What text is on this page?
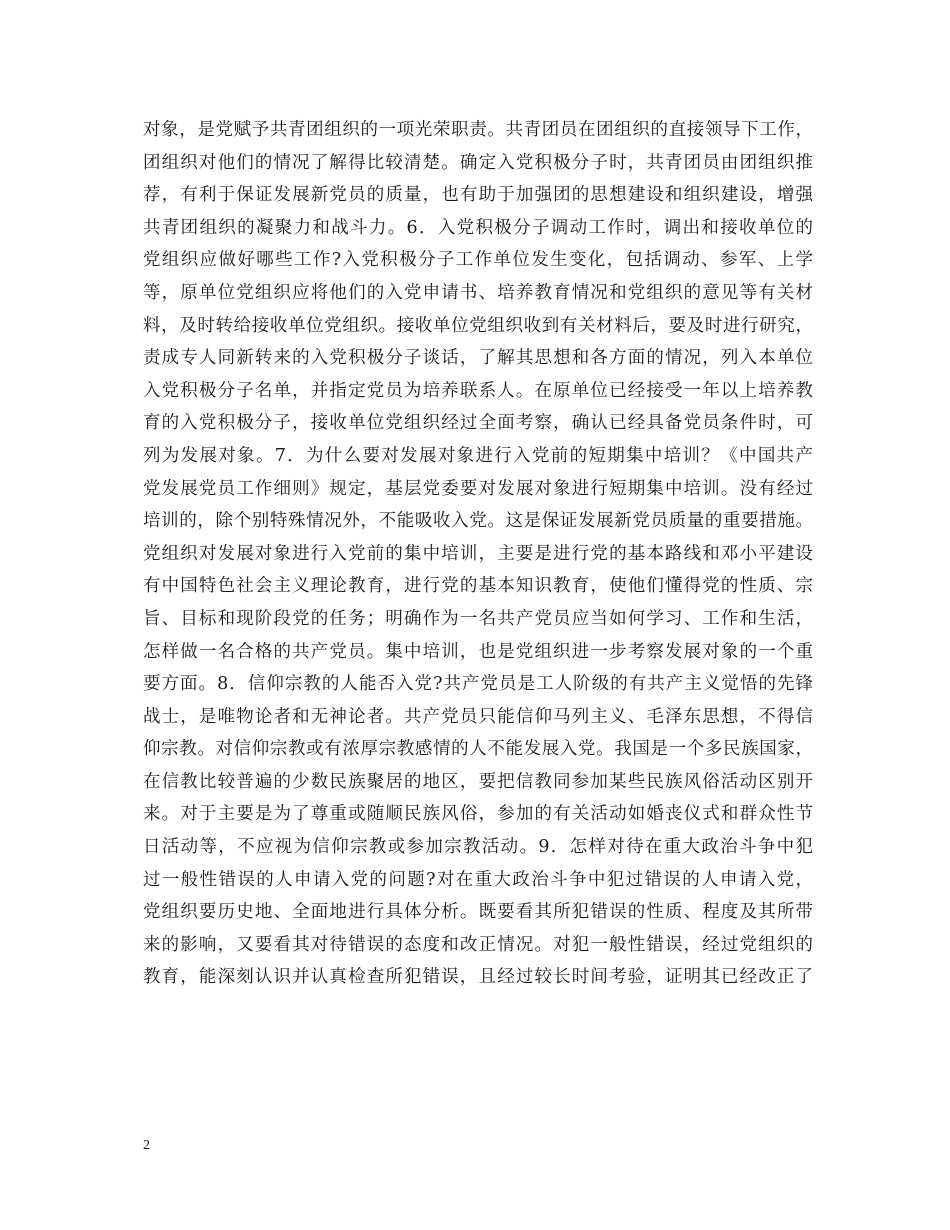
对象，是党赋予共青团组织的一项光荣职责。共青团员在团组织的直接领导下工作，
团组织对他们的情况了解得比较清楚。确定入党积极分子时，共青团员由团组织推
荐，有利于保证发展新党员的质量，也有助于加强团的思想建设和组织建设，增强
共青团组织的凝聚力和战斗力。6．入党积极分子调动工作时，调出和接收单位的
党组织应做好哪些工作?入党积极分子工作单位发生变化，包括调动、参军、上学
等，原单位党组织应将他们的入党申请书、培养教育情况和党组织的意见等有关材
料，及时转给接收单位党组织。接收单位党组织收到有关材料后，要及时进行研究，
责成专人同新转来的入党积极分子谈话，了解其思想和各方面的情况，列入本单位
入党积极分子名单，并指定党员为培养联系人。在原单位已经接受一年以上培养教
育的入党积极分子，接收单位党组织经过全面考察，确认已经具备党员条件时，可
列为发展对象。7．为什么要对发展对象进行入党前的短期集中培训？《中国共产
党发展党员工作细则》规定，基层党委要对发展对象进行短期集中培训。没有经过
培训的，除个别特殊情况外，不能吸收入党。这是保证发展新党员质量的重要措施。
党组织对发展对象进行入党前的集中培训，主要是进行党的基本路线和邓小平建设
有中国特色社会主义理论教育，进行党的基本知识教育，使他们懂得党的性质、宗
旨、目标和现阶段党的任务；明确作为一名共产党员应当如何学习、工作和生活，
怎样做一名合格的共产党员。集中培训，也是党组织进一步考察发展对象的一个重
要方面。8．信仰宗教的人能否入党?共产党员是工人阶级的有共产主义觉悟的先锋
战士，是唯物论者和无神论者。共产党员只能信仰马列主义、毛泽东思想，不得信
仰宗教。对信仰宗教或有浓厚宗教感情的人不能发展入党。我国是一个多民族国家，
在信教比较普遍的少数民族聚居的地区，要把信教同参加某些民族风俗活动区别开
来。对于主要是为了尊重或随顺民族风俗，参加的有关活动如婚丧仪式和群众性节
日活动等，不应视为信仰宗教或参加宗教活动。9．怎样对待在重大政治斗争中犯
过一般性错误的人申请入党的问题?对在重大政治斗争中犯过错误的人申请入党，
党组织要历史地、全面地进行具体分析。既要看其所犯错误的性质、程度及其所带
来的影响，又要看其对待错误的态度和改正情况。对犯一般性错误，经过党组织的
教育，能深刻认识并认真检查所犯错误，且经过较长时间考验，证明其已经改正了
2
